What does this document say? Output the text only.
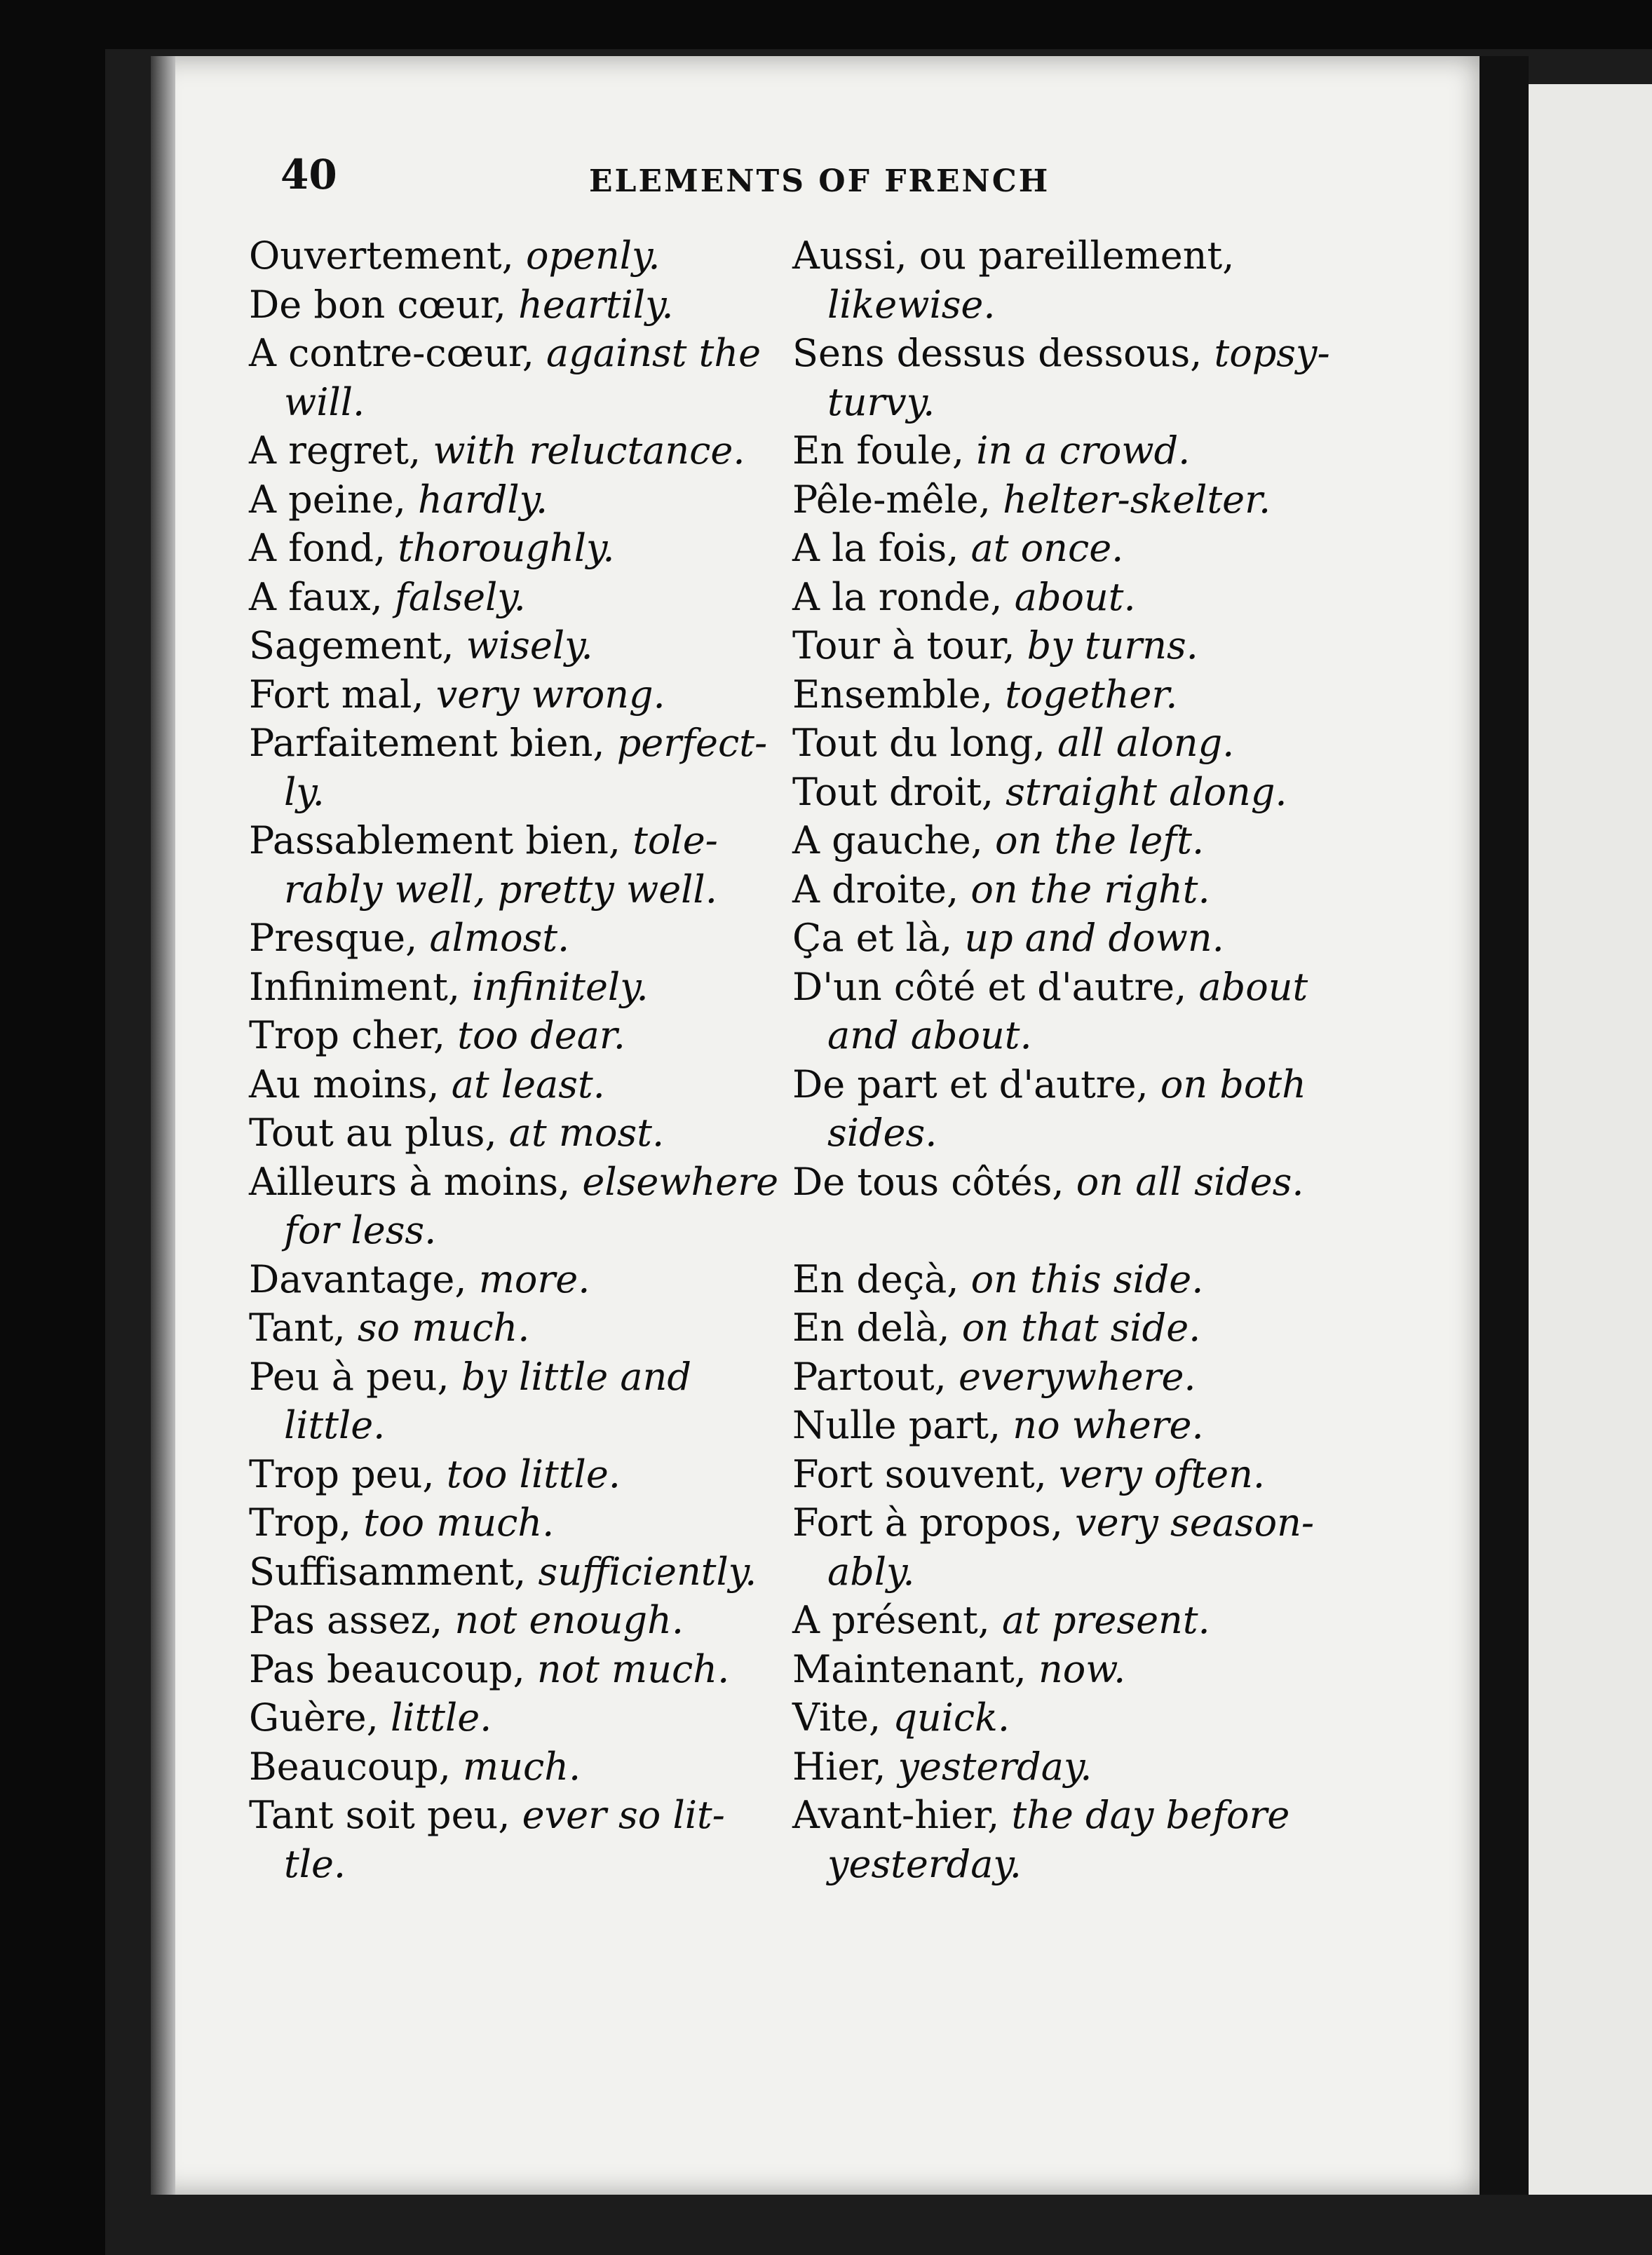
40	ELEMENTS OF FRENCH
Ouvertement, openly.
De bon cœur, heartily.
A contre-cœur, against the
will.
A regret, with reluctance.
A peine, hardly.
A fond, thoroughly.
A faux, falsely.
Sagement, wisely.
Fort mal, very wrong.
Parfaitement bien, perfect-
ly.
Passablement bien, tole-
rably well, pretty well.
Presque, almost.
Infiniment, infinitely.
Trop cher, too dear.
Au moins, at least.
Tout au plus, at most.
Ailleurs à moins, elsewhere
for less.
Davantage, more.
Tant, so much.
Peu à peu, by little and
little.
Trop peu, too little.
Trop, too much.
Suffisamment, sufficiently.
Pas assez, not enough.
Pas beaucoup, not much.
Guère, little.
Beaucoup, much.
Tant soit peu, ever so lit-
tle.
Aussi, ou pareillement,
likewise.
Sens dessus dessous, topsy-
turvy.
En foule, in a crowd.
Pêle-mêle, helter-skelter.
A la fois, at once.
A la ronde, about.
Tour à tour, by turns.
Ensemble, together.
Tout du long, all along.
Tout droit, straight along.
A gauche, on the left.
A droite, on the right.
Ça et là, up and down.
D'un côté et d'autre, about
and about.
De part et d'autre, on both
sides.
De tous côtés, on all sides.
En deçà, on this side.
En delà, on that side.
Partout, everywhere.
Nulle part, no where.
Fort souvent, very often.
Fort à propos, very season-
ably.
A présent, at present.
Maintenant, now.
Vite, quick.
Hier, yesterday.
Avant-hier, the day before
yesterday.
